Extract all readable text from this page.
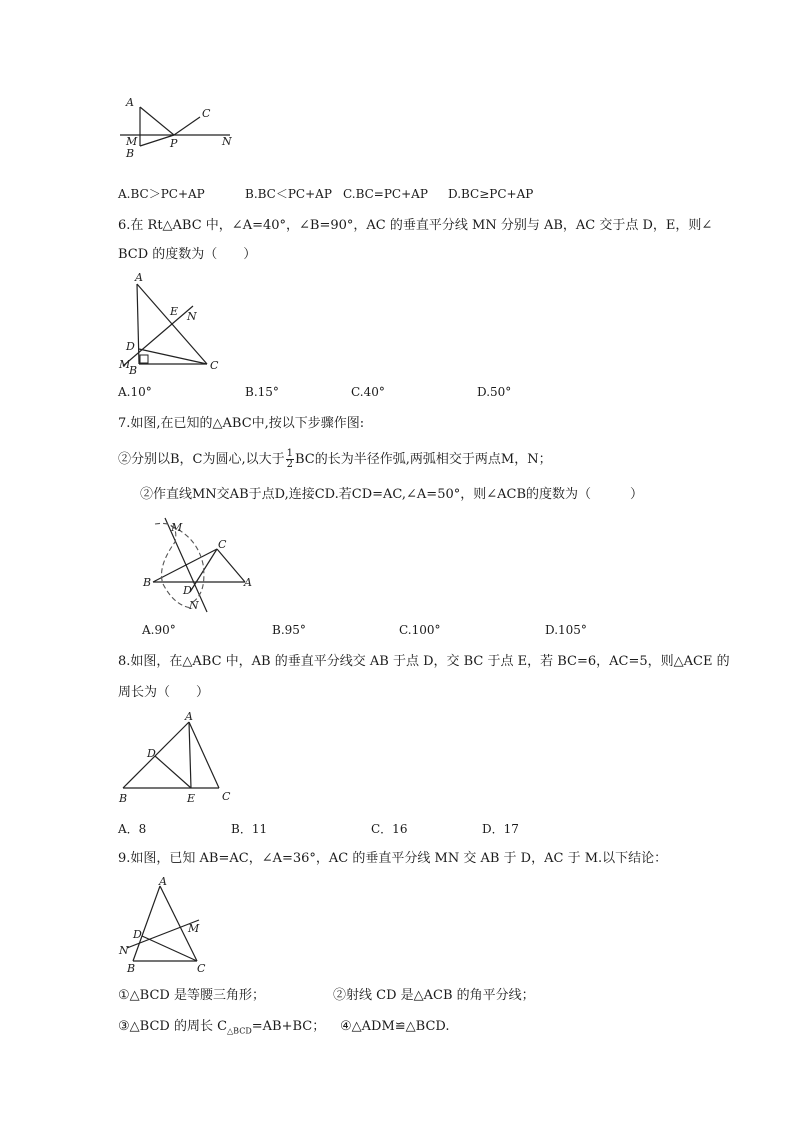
A
M
B
P
C
N
A.BC＞PC+AP	B.BC＜PC+AP C.BC=PC+AP D.BC≥PC+AP
6.在 Rt△ABC 中，∠A=40°，∠B=90°，AC 的垂直平分线 MN 分别与 AB，AC 交于点 D，E，则∠
BCD 的度数为（　　）
A
E N
D
M
B	C
A.10°	B.15°	C.40°	D.50°
7.如图,在已知的△ABC中,按以下步骤作图:
②分别以B，C为圆心,以大于 $\frac{1}{2}$ BC的长为半径作弧,两弧相交于两点M，N；
②作直线MN交AB于点D,连接CD.若CD=AC,∠A=50°，则∠ACB的度数为（　　　）
M
C
B	A
D
N
A.90°	B.95°	C.100°	D.105°
8.如图，在△ABC 中，AB 的垂直平分线交 AB 于点 D，交 BC 于点 E，若 BC=6，AC=5，则△ACE 的
周长为（　　）
A
D
B	E C
A．8	B．11	C．16	D．17
9.如图，已知 AB=AC，∠A=36°，AC 的垂直平分线 MN 交 AB 于 D，AC 于 M.以下结论：
A
M
D
N
B	C
①△BCD 是等腰三角形；	②射线 CD 是△ACB 的角平分线；
③△BCD 的周长 $C_{\triangle BCD}=AB+BC$； ④△ADM≌△BCD.
